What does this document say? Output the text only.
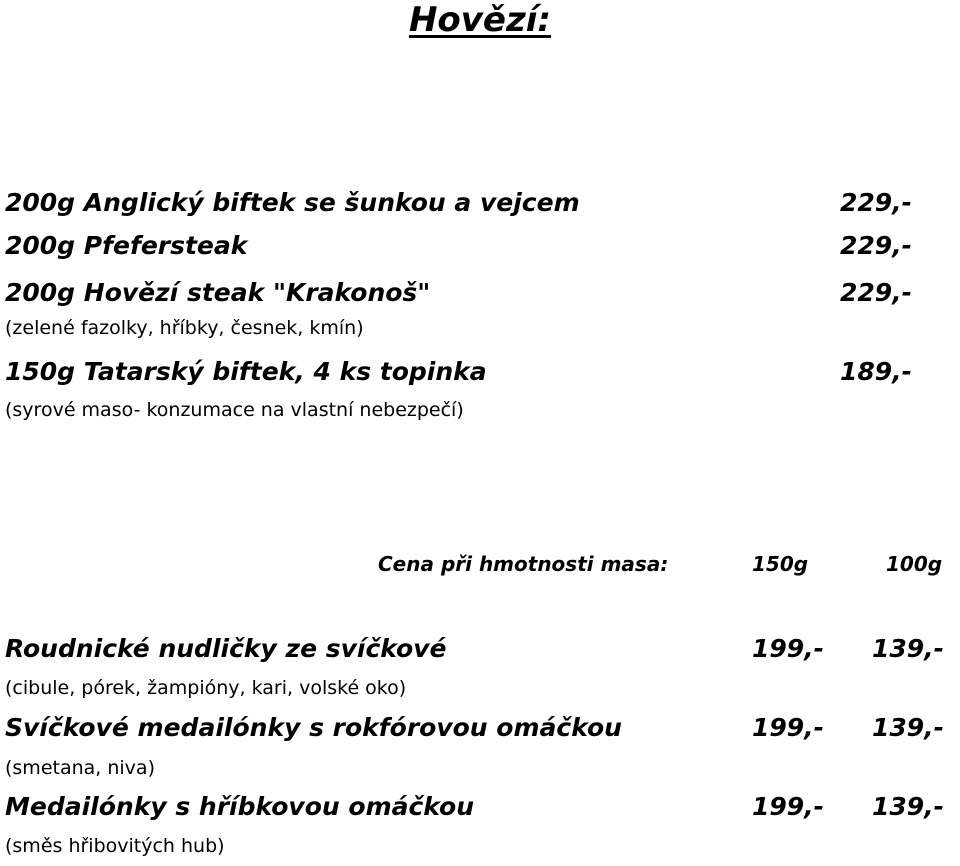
Hovězí:
200g Anglický biftek se šunkou a vejcem	229,-
200g Pfefersteak	229,-
200g Hovězí steak "Krakonoš"	229,-
(zelené fazolky, hříbky, česnek, kmín)
150g Tatarský biftek, 4 ks topinka	189,-
(syrové maso- konzumace na vlastní nebezpečí)
Cena při hmotnosti masa:	150g	100g
Roudnické nudličky ze svíčkové	199,- 139,-
(cibule, pórek, žampióny, kari, volské oko)
Svíčkové medailónky s rokfórovou omáčkou	199,- 139,-
(smetana, niva)
Medailónky s hříbkovou omáčkou	199,- 139,-
(směs hřibovitých hub)
